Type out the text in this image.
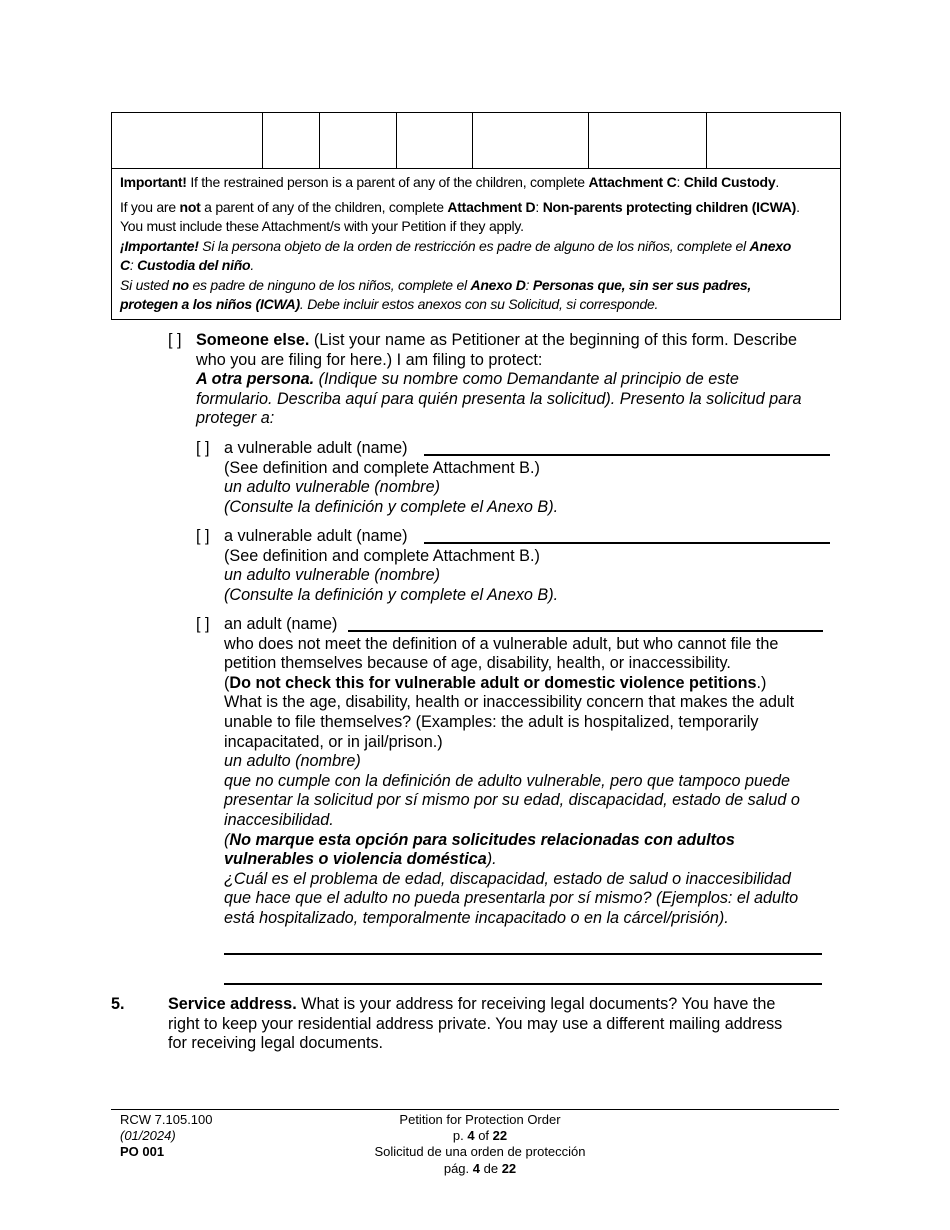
Important! If the restrained person is a parent of any of the children, complete Attachment C: Child Custody.

If you are not a parent of any of the children, complete Attachment D: Non-parents protecting children (ICWA).

You must include these Attachment/s with your Petition if they apply.

¡Importante! Si la persona objeto de la orden de restricción es padre de alguno de los niños, complete el Anexo
C: Custodia del niño.

Si usted no es padre de ninguno de los niños, complete el Anexo D: Personas que, sin ser sus padres,
protegen a los niños (ICWA). Debe incluir estos anexos con su Solicitud, si corresponde.

[ ] Someone else. (List your name as Petitioner at the beginning of this form. Describe
who you are filing for here.) I am filing to protect:
A otra persona. (Indique su nombre como Demandante al principio de este
formulario. Describa aquí para quién presenta la solicitud). Presento la solicitud para
proteger a:
[ ] a vulnerable adult (name)
(See definition and complete Attachment B.)
un adulto vulnerable (nombre)
(Consulte la definición y complete el Anexo B).
[ ] a vulnerable adult (name)
(See definition and complete Attachment B.)
un adulto vulnerable (nombre)
(Consulte la definición y complete el Anexo B).
[ ] an adult (name)
who does not meet the definition of a vulnerable adult, but who cannot file the
petition themselves because of age, disability, health, or inaccessibility.
(Do not check this for vulnerable adult or domestic violence petitions.)
What is the age, disability, health or inaccessibility concern that makes the adult
unable to file themselves? (Examples: the adult is hospitalized, temporarily
incapacitated, or in jail/prison.)
un adulto (nombre)
que no cumple con la definición de adulto vulnerable, pero que tampoco puede
presentar la solicitud por sí mismo por su edad, discapacidad, estado de salud o
inaccesibilidad.
(No marque esta opción para solicitudes relacionadas con adultos
vulnerables o violencia doméstica).
¿Cuál es el problema de edad, discapacidad, estado de salud o inaccesibilidad
que hace que el adulto no pueda presentarla por sí mismo? (Ejemplos: el adulto
está hospitalizado, temporalmente incapacitado o en la cárcel/prisión).
5.	Service address. What is your address for receiving legal documents? You have the
right to keep your residential address private. You may use a different mailing address
for receiving legal documents.
RCW 7.105.100
(01/2024)
PO 001
Petition for Protection Order
p. 4 of 22
Solicitud de una orden de protección
pág. 4 de 22
